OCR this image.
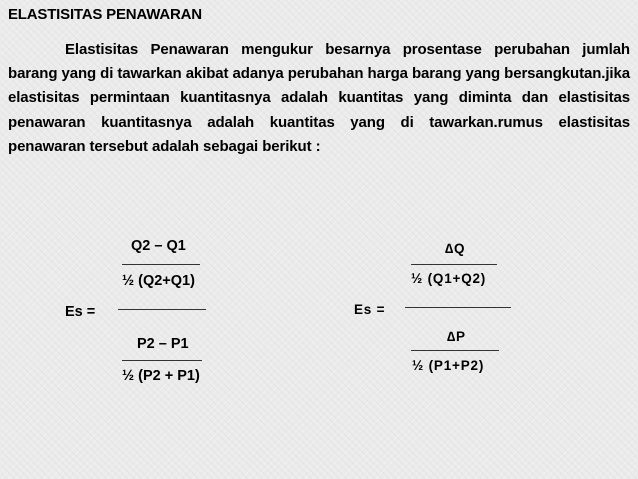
ELASTISITAS PENAWARAN

Elastisitas Penawaran mengukur besarnya prosentase perubahan jumlah barang yang di tawarkan akibat adanya perubahan harga barang yang bersangkutan.jika elastisitas permintaan kuantitasnya adalah kuantitas yang diminta dan elastisitas penawaran kuantitasnya adalah kuantitas yang di tawarkan.rumus elastisitas penawaran tersebut adalah sebagai berikut :

Q2 – Q1
½ (Q2+Q1)
Es =
P2 – P1
½ (P2 + P1)
∆Q
½ (Q1+Q2)
Es =
∆P
½ (P1+P2)
